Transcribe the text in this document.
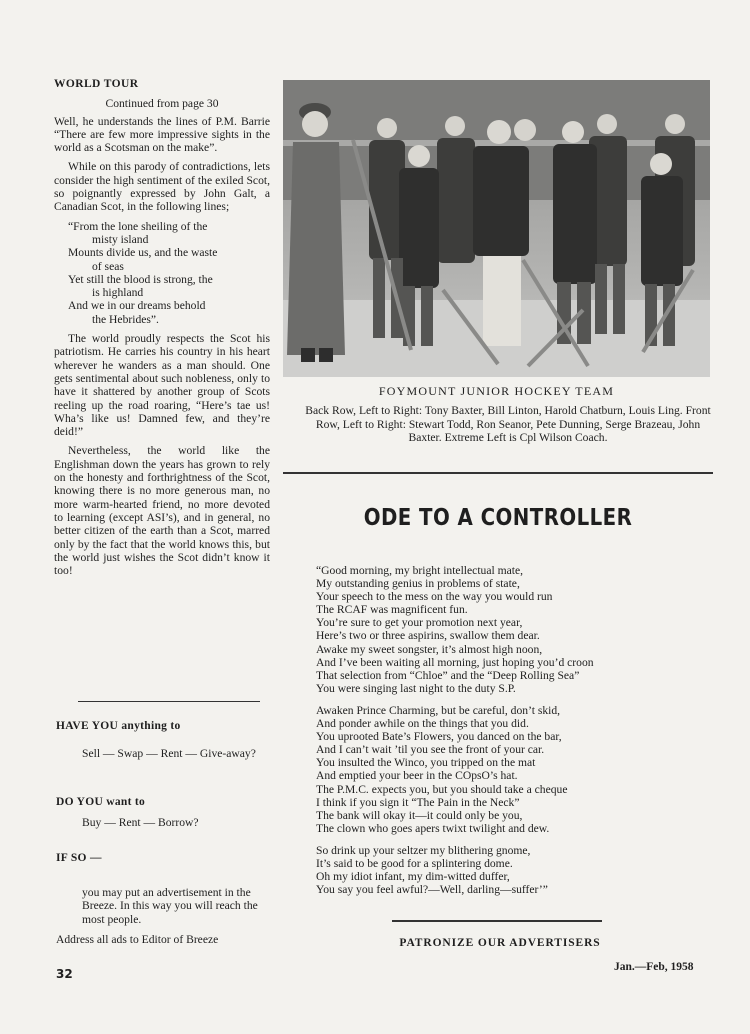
WORLD TOUR
Continued from page 30

Well, he understands the lines of P.M. Barrie “There are few more impressive sights in the world as a Scotsman on the make”.

While on this parody of contradictions, lets consider the high sentiment of the exiled Scot, so poignantly expressed by John Galt, a Canadian Scot, in the following lines;

“From the lone sheiling of the
misty island
Mounts divide us, and the waste
of seas
Yet still the blood is strong, the
is highland
And we in our dreams behold
the Hebrides”.

The world proudly respects the Scot his patriotism. He carries his country in his heart wherever he wanders as a man should. One gets sentimental about such nobleness, only to have it shattered by another group of Scots reeling up the road roaring, “Here’s tae us! Wha’s like us! Damned few, and they’re deid!”

Nevertheless, the world like the Englishman down the years has grown to rely on the honesty and forthrightness of the Scot, knowing there is no more generous man, no more warm-hearted friend, no more devoted to learning (except ASI’s), and in general, no better citizen of the earth than a Scot, marred only by the fact that the world knows this, but the world just wishes the Scot didn’t know it too!

HAVE YOU anything to
Sell — Swap — Rent — Give-away?
DO YOU want to
Buy — Rent — Borrow?
IF SO —
you may put an advertisement in the Breeze. In this way you will reach the most people.
Address all ads to Editor of Breeze
FOYMOUNT JUNIOR HOCKEY TEAM
Back Row, Left to Right: Tony Baxter, Bill Linton, Harold Chatburn, Louis Ling. Front Row, Left to Right: Stewart Todd, Ron Seanor, Pete Dunning, Serge Brazeau, John Baxter. Extreme Left is Cpl Wilson Coach.
ODE TO A CONTROLLER
“Good morning, my bright intellectual mate,
My outstanding genius in problems of state,
Your speech to the mess on the way you would run
The RCAF was magnificent fun.
You’re sure to get your promotion next year,
Here’s two or three aspirins, swallow them dear.
Awake my sweet songster, it’s almost high noon,
And I’ve been waiting all morning, just hoping you’d croon
That selection from “Chloe” and the “Deep Rolling Sea”
You were singing last night to the duty S.P.
Awaken Prince Charming, but be careful, don’t skid,
And ponder awhile on the things that you did.
You uprooted Bate’s Flowers, you danced on the bar,
And I can’t wait ’til you see the front of your car.
You insulted the Winco, you tripped on the mat
And emptied your beer in the COpsO’s hat.
The P.M.C. expects you, but you should take a cheque
I think if you sign it “The Pain in the Neck”
The bank will okay it—it could only be you,
The clown who goes apers twixt twilight and dew.
So drink up your seltzer my blithering gnome,
It’s said to be good for a splintering dome.
Oh my idiot infant, my dim-witted duffer,
You say you feel awful?—Well, darling—suffer’”
PATRONIZE OUR ADVERTISERS
32	Jan.—Feb, 1958
